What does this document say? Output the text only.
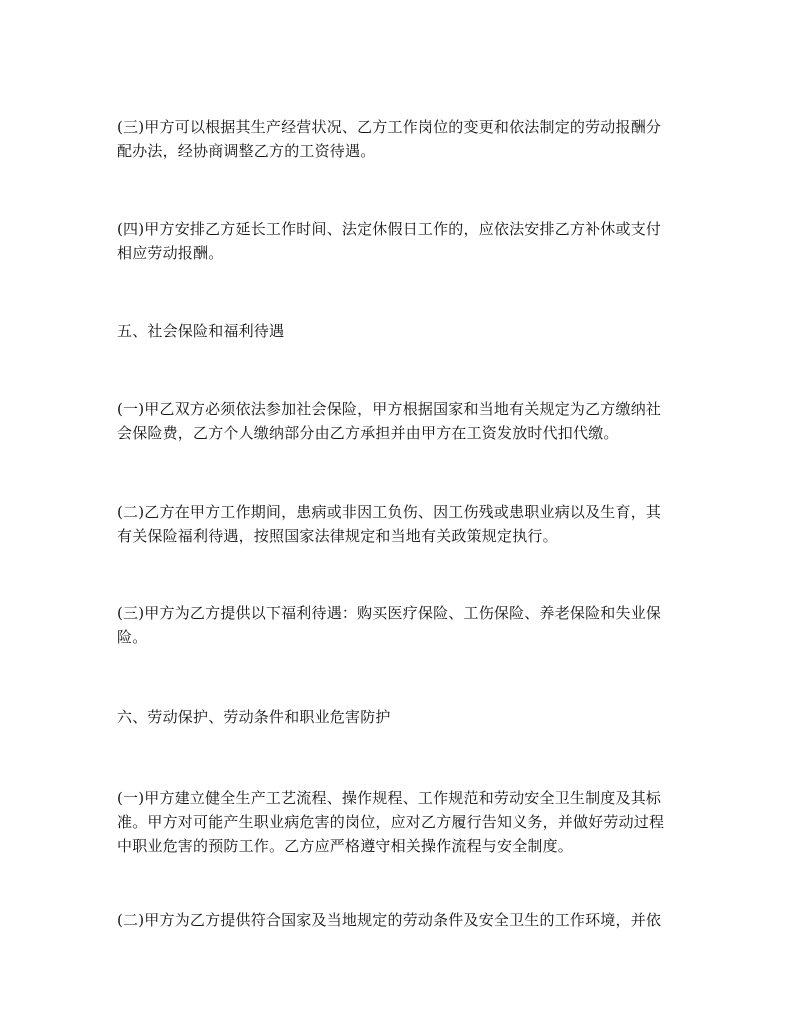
(三)甲方可以根据其生产经营状况、乙方工作岗位的变更和依法制定的劳动报酬分
配办法，经协商调整乙方的工资待遇。
(四)甲方安排乙方延长工作时间、法定休假日工作的，应依法安排乙方补休或支付
相应劳动报酬。
五、社会保险和福利待遇
(一)甲乙双方必须依法参加社会保险，甲方根据国家和当地有关规定为乙方缴纳社
会保险费，乙方个人缴纳部分由乙方承担并由甲方在工资发放时代扣代缴。
(二)乙方在甲方工作期间，患病或非因工负伤、因工伤残或患职业病以及生育，其
有关保险福利待遇，按照国家法律规定和当地有关政策规定执行。
(三)甲方为乙方提供以下福利待遇：购买医疗保险、工伤保险、养老保险和失业保
险。
六、劳动保护、劳动条件和职业危害防护
(一)甲方建立健全生产工艺流程、操作规程、工作规范和劳动安全卫生制度及其标
准。甲方对可能产生职业病危害的岗位，应对乙方履行告知义务，并做好劳动过程
中职业危害的预防工作。乙方应严格遵守相关操作流程与安全制度。
(二)甲方为乙方提供符合国家及当地规定的劳动条件及安全卫生的工作环境，并依
